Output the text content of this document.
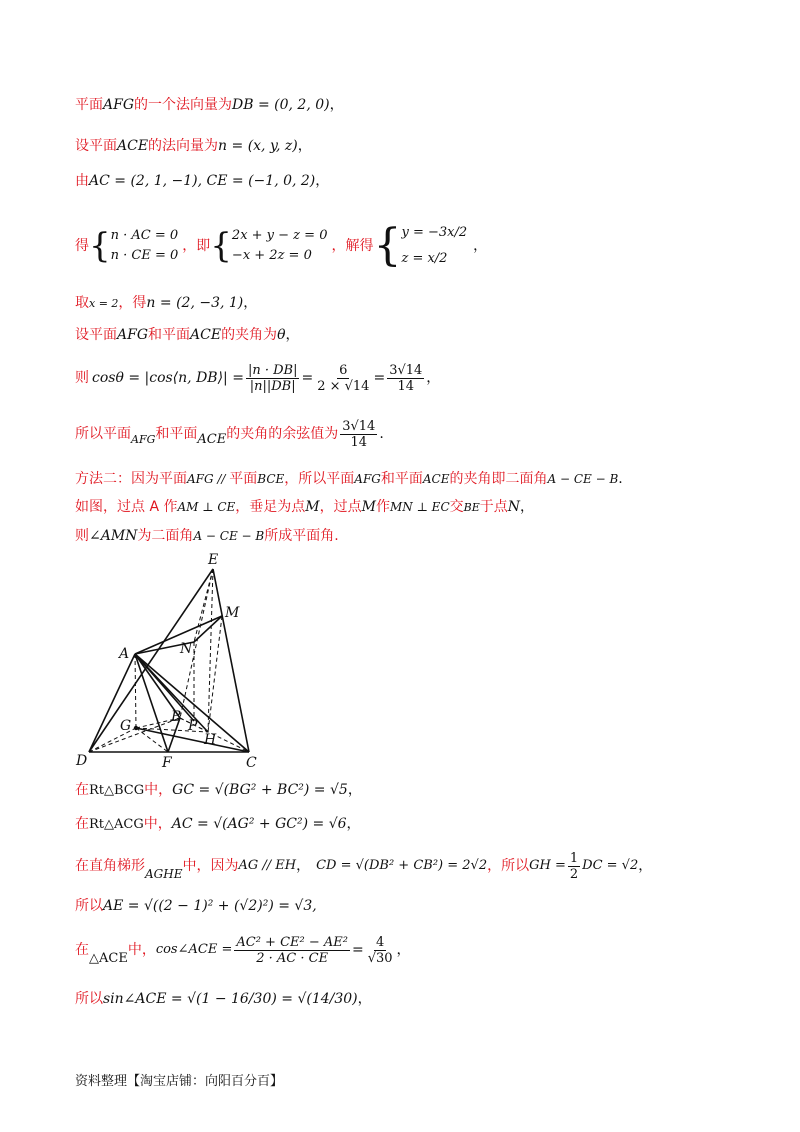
平面AFG的一个法向量为DB = (0, 2, 0)，
设平面ACE的法向量为n = (x, y, z)，
由AC = (2, 1, −1), CE = (−1, 0, 2)，
得 { n · AC = 0
n · CE = 0
，即 { 2x + y − z = 0
−x + 2z = 0
，解得 { y = −3x/2
z = x/2
，
取x = 2，得n = (2, −3, 1)，
设平面AFG和平面ACE的夹角为θ，
则 cosθ = |cos⟨n, DB⟩| = $\frac{|n \cdot DB|}{|n||DB|} = \frac{6}{2 \times √14} = \frac{3√14}{14}$ ，
所以平面 AFG 和平面 ACE 的夹角的余弦值为 $\frac{3√14}{14}$ .
方法二：因为平面AFG // 平面BCE，所以平面AFG和平面ACE的夹角即二面角A − CE − B.
如图，过点 A 作AM ⊥ CE，垂足为点M，过点M作MN ⊥ EC交BE于点N，
则∠AMN为二面角A − CE − B所成平面角.
E
M
A	N
G
B
P
H
D	F	C
在Rt△BCG中，GC = √(BG² + BC²) = √5，
在Rt△ACG中，AC = √(AG² + GC²) = √6，
在直角梯形 AGHE 中，因为 AG // EH ， CD = √(DB² + CB²) = 2√2 ，所以 GH = $\frac{1}{2}$ DC = √2 ，
所以AE = √((2 − 1)² + (√2)²) = √3,
在
△ACE
中， cos∠ACE = $\frac{\text{AC² + CE² − AE²}}{2 \cdot AC \cdot CE} = \frac{4}{√30}$ ，
所以sin∠ACE = √(1 − 16/30) = √(14/30)，
资料整理【淘宝店铺：向阳百分百】
